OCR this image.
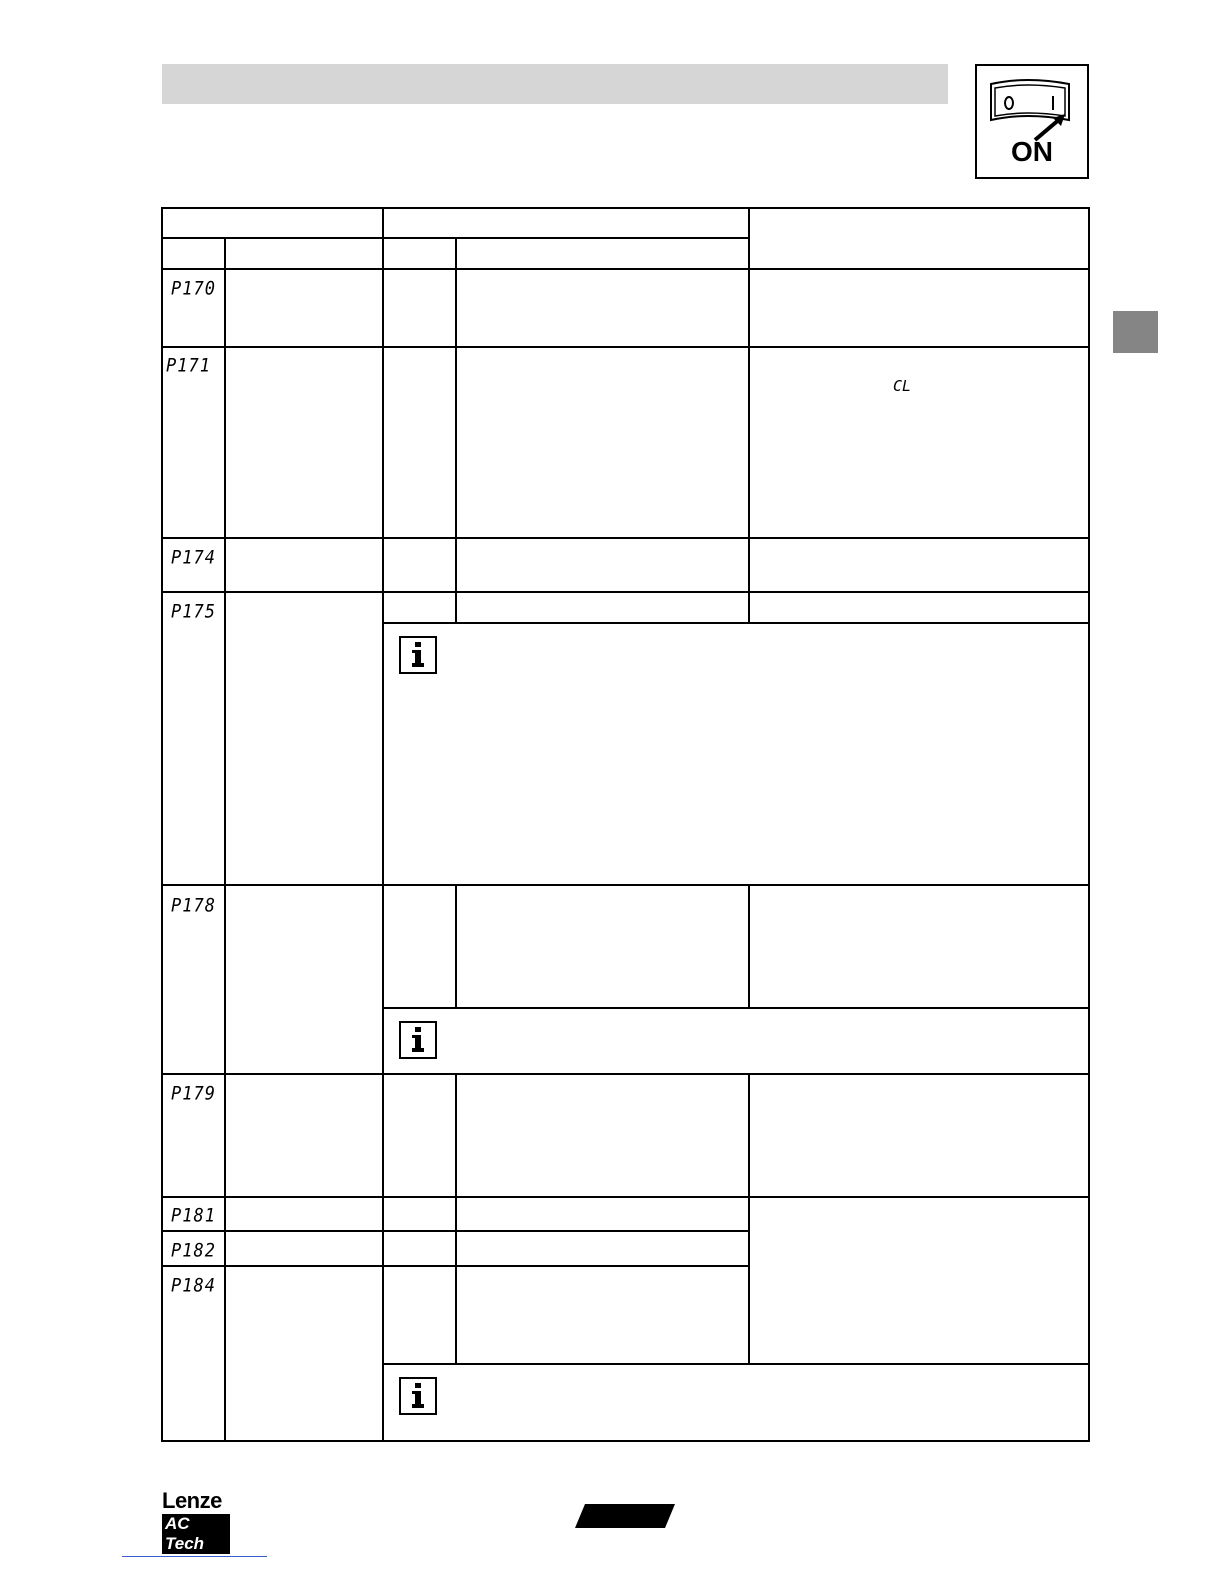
ON
P170
P171
CL
P174
P175
P178
P179
P181
P182
P184
Lenze
AC Tech
